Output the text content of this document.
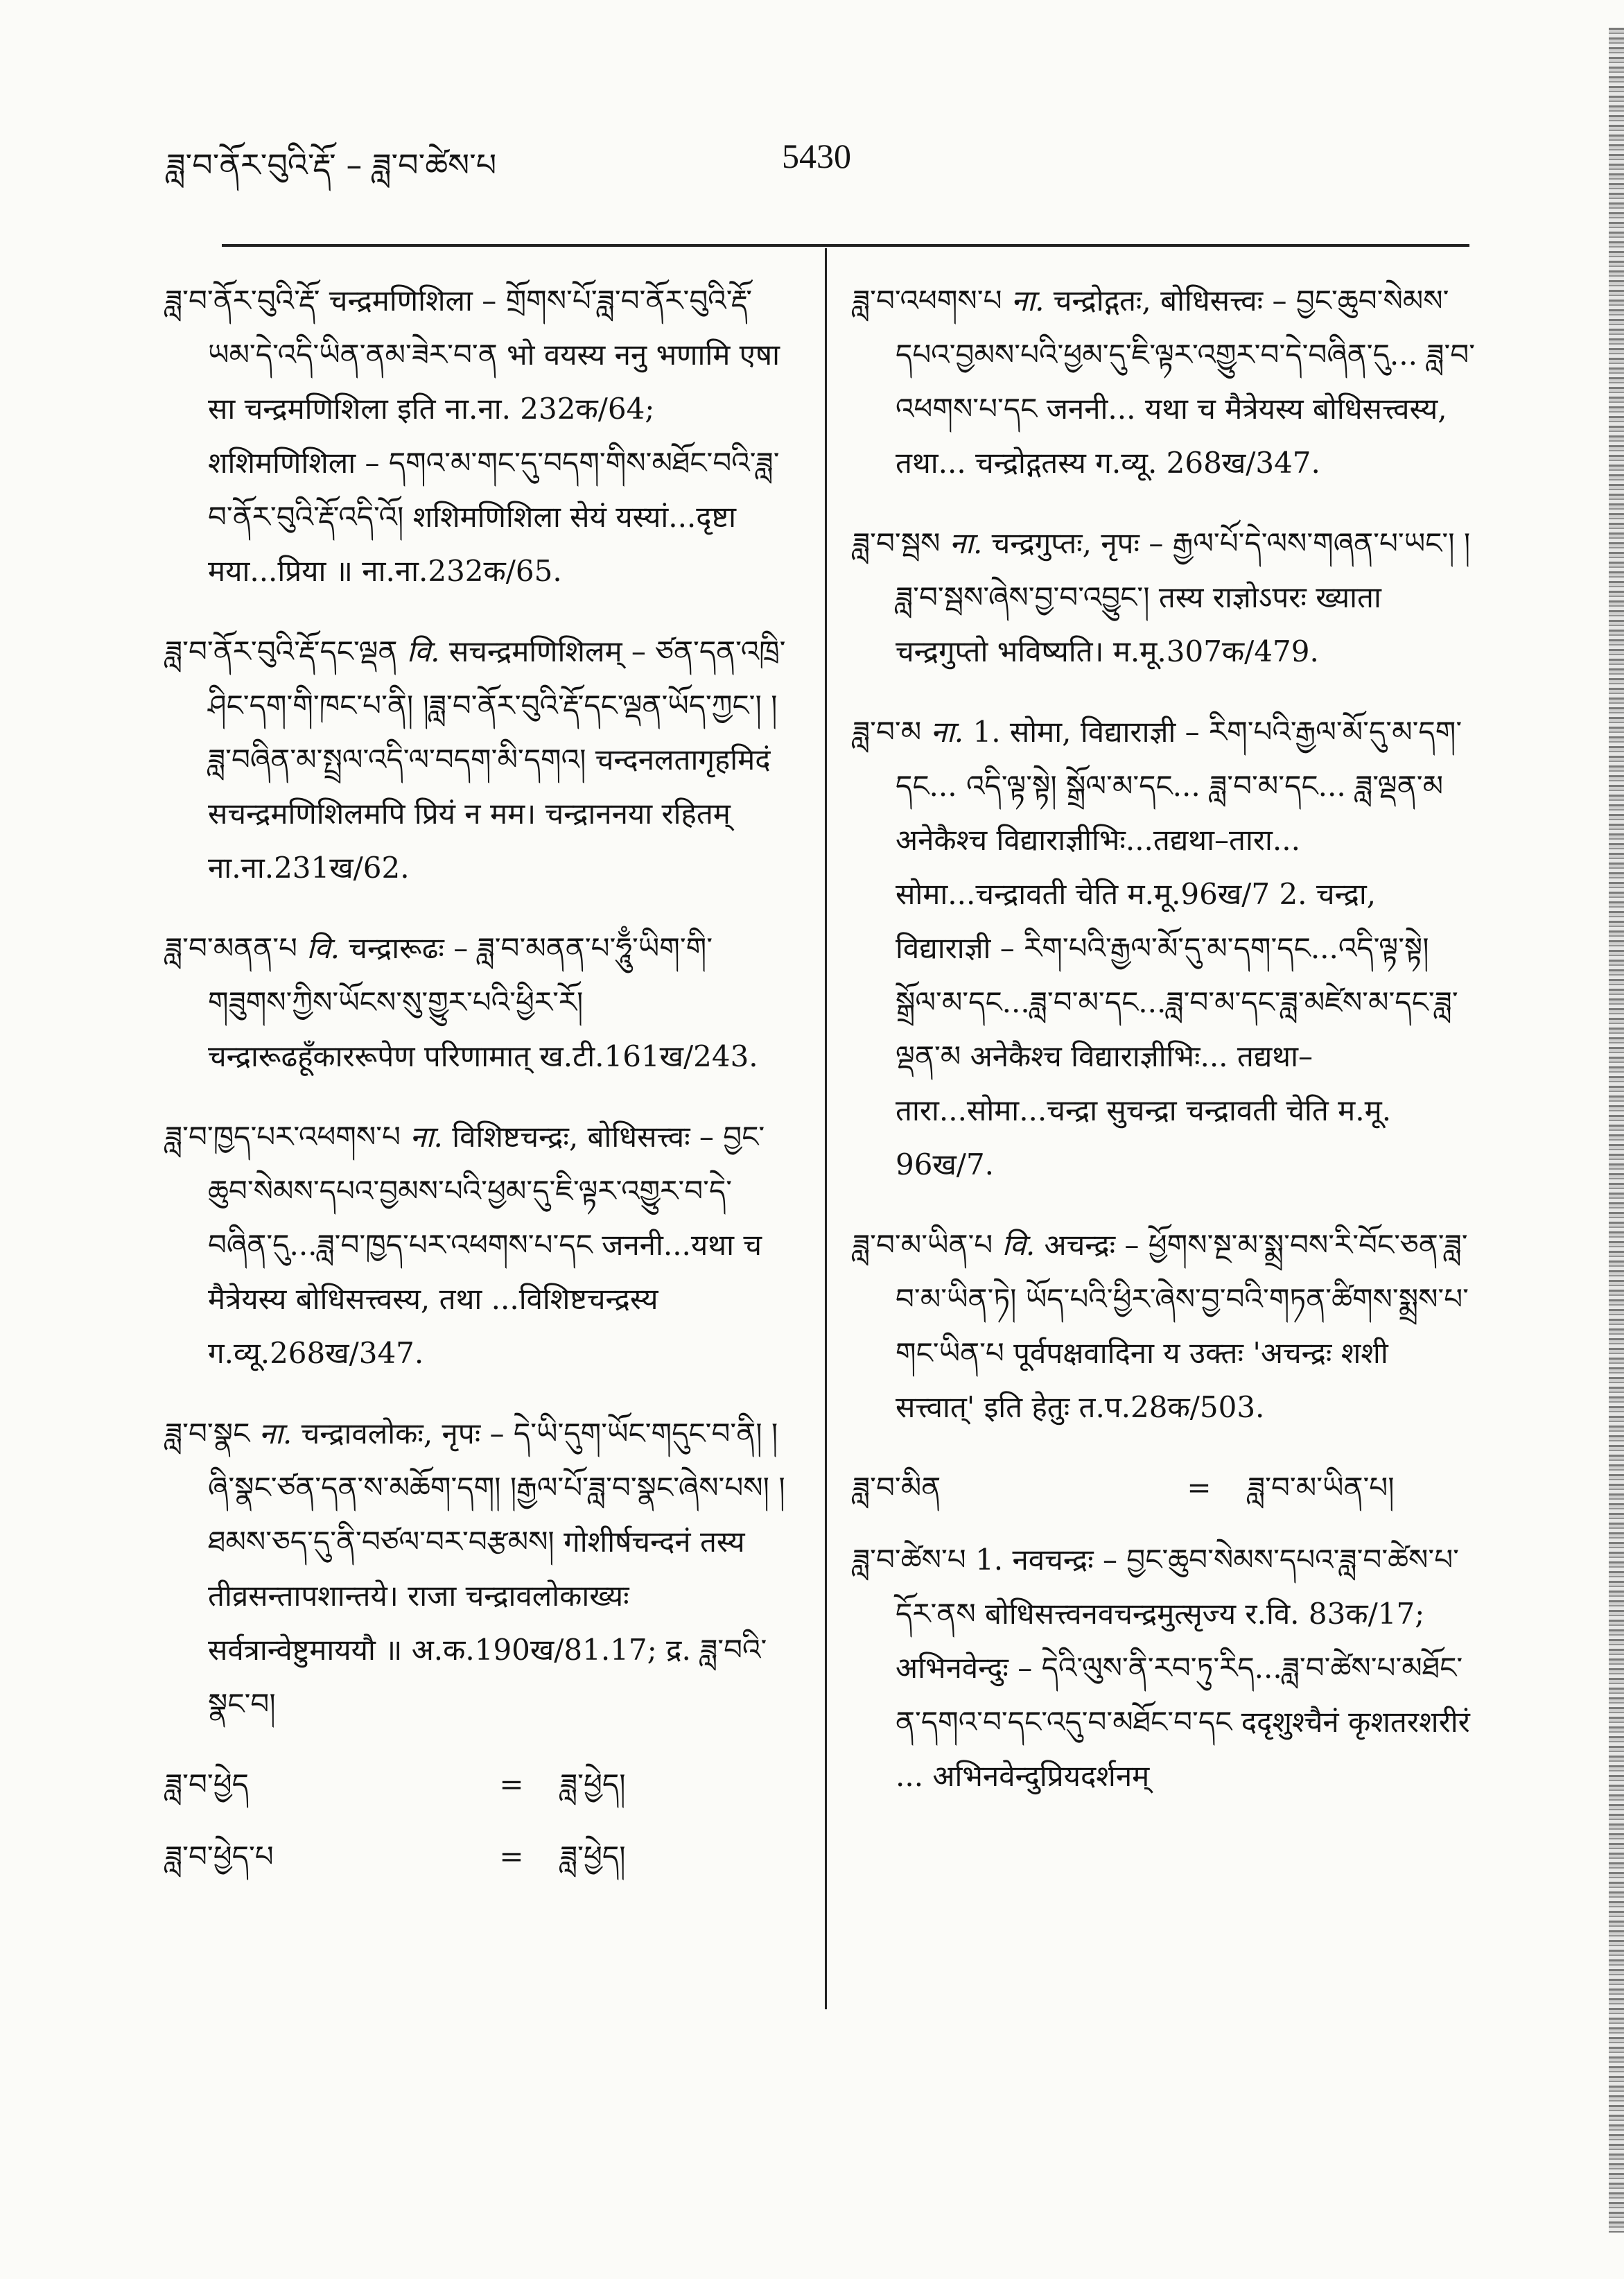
ཟླ་བ་ནོར་བུའི་རྡོ་ – ཟླ་བ་ཚེས་པ	5430
ཟླ་བ་ནོར་བུའི་རྡོ་ चन्द्रमणिशिला – གྲོགས་པོ་ཟླ་བ་ནོར་བུའི་རྡོ་ཡམ་དེ་འདི་ཡིན་ནམ་ཟེར་བ་ན भो वयस्य ननु भणामि एषा सा चन्द्रमणिशिला इति ना.ना. 232क/64; शशिमणिशिला – དགའ་མ་གང་དུ་བདག་གིས་མཐོང་བའི་ཟླ་བ་ནོར་བུའི་རྡོ་འདི་འོ། शशिमणिशिला सेयं यस्यां...दृष्टा मया...प्रिया ॥ ना.ना.232क/65.
ཟླ་བ་ནོར་བུའི་རྡོ་དང་ལྡན वि. सचन्द्रमणिशिलम् – ཙན་དན་འཁྲི་ཤིང་དག་གི་ཁང་པ་ནི། །ཟླ་བ་ནོར་བུའི་རྡོ་དང་ལྡན་ཡོད་ཀྱང་། །ཟླ་བཞིན་མ་སྤྲལ་འདི་ལ་བདག་མི་དགའ། चन्दनलतागृहमिदं सचन्द्रमणिशिलमपि प्रियं न मम। चन्द्राननया रहितम् ना.ना.231ख/62.
ཟླ་བ་མནན་པ वि. चन्द्रारूढः – ཟླ་བ་མནན་པ་ཧཱུྃ་ཡིག་གི་གཟུགས་ཀྱིས་ཡོངས་སུ་གྱུར་པའི་ཕྱིར་རོ། चन्द्रारूढहूँकाररूपेण परिणामात् ख.टी.161ख/243.
ཟླ་བ་ཁྱད་པར་འཕགས་པ ना. विशिष्टचन्द्रः, बोधिसत्त्वः – བྱང་ཆུབ་སེམས་དཔའ་བྱམས་པའི་ཕྱམ་དུ་ཇི་ལྟར་འགྱུར་བ་དེ་བཞིན་དུ...ཟླ་བ་ཁྱད་པར་འཕགས་པ་དང जननी...यथा च मैत्रेयस्य बोधिसत्त्वस्य, तथा ...विशिष्टचन्द्रस्य ग.व्यू.268ख/347.
ཟླ་བ་སྣང ना. चन्द्रावलोकः, नृपः – དེ་ཡི་དུག་ཡོང་གདུང་བ་ནི། །ཞི་སྣང་ཙན་དན་ས་མཆོག་དག། །རྒྱལ་པོ་ཟླ་བ་སྣང་ཞེས་པས། །ཐམས་ཅད་དུ་ནི་བཙལ་བར་བརྩམས། गोशीर्षचन्दनं तस्य तीव्रसन्तापशान्तये। राजा चन्द्रावलोकाख्यः सर्वत्रान्वेष्टुमाययौ ॥ अ.क.190ख/81.17; द्र. ཟླ་བའི་སྣང་བ།
ཟླ་བ་ཕྱེད	=	ཟླ་ཕྱེད།
ཟླ་བ་ཕྱེད་པ	=	ཟླ་ཕྱེད།
ཟླ་བ་འཕགས་པ ना. चन्द्रोद्गतः, बोधिसत्त्वः – བྱང་ཆུབ་སེམས་དཔའ་བྱམས་པའི་ཕྱམ་དུ་ཇི་ལྟར་འགྱུར་བ་དེ་བཞིན་དུ... ཟླ་བ་འཕགས་པ་དང जननी... यथा च मैत्रेयस्य बोधिसत्त्वस्य, तथा... चन्द्रोद्गतस्य ग.व्यू. 268ख/347.
ཟླ་བ་སྦས ना. चन्द्रगुप्तः, नृपः – རྒྱལ་པོ་དེ་ལས་གཞན་པ་ཡང་། །ཟླ་བ་སྦས་ཞེས་བྱ་བ་འབྱུང་། तस्य राज्ञोऽपरः ख्याता चन्द्रगुप्तो भविष्यति। म.मू.307क/479.
ཟླ་བ་མ ना. 1. सोमा, विद्याराज्ञी – རིག་པའི་རྒྱལ་མོ་དུ་མ་དག་དང... འདི་ལྟ་སྟེ། སྒྲོལ་མ་དང... ཟླ་བ་མ་དང... ཟླ་ལྡན་མ अनेकैश्च विद्याराज्ञीभिः...तद्यथा–तारा... सोमा...चन्द्रावती चेति म.मू.96ख/7 2. चन्द्रा, विद्याराज्ञी – རིག་པའི་རྒྱལ་མོ་དུ་མ་དག་དང...འདི་ལྟ་སྟེ། སྒྲོལ་མ་དང...ཟླ་བ་མ་དང...ཟླ་བ་མ་དང་ཟླ་མཛེས་མ་དང་ཟླ་ལྡན་མ अनेकैश्च विद्याराज्ञीभिः... तद्यथा–तारा...सोमा...चन्द्रा सुचन्द्रा चन्द्रावती चेति म.मू. 96ख/7.
ཟླ་བ་མ་ཡིན་པ वि. अचन्द्रः – ཕྱོགས་སྔ་མ་སྨྲ་བས་རི་བོང་ཅན་ཟླ་བ་མ་ཡིན་ཏེ། ཡོད་པའི་ཕྱིར་ཞེས་བྱ་བའི་གཏན་ཚིགས་སྨྲས་པ་གང་ཡིན་པ पूर्वपक्षवादिना य उक्तः 'अचन्द्रः शशी सत्त्वात्' इति हेतुः त.प.28क/503.
ཟླ་བ་མིན	=	ཟླ་བ་མ་ཡིན་པ།
ཟླ་བ་ཚེས་པ 1. नवचन्द्रः – བྱང་ཆུབ་སེམས་དཔའ་ཟླ་བ་ཚེས་པ་དོར་ནས बोधिसत्त्वनवचन्द्रमुत्सृज्य र.वि. 83क/17; अभिनवेन्दुः – དེའི་ལུས་ནི་རབ་ཏུ་རིད...ཟླ་བ་ཚེས་པ་མཐོང་ན་དགའ་བ་དང་འདུ་བ་མཐོང་བ་དང ददृशुश्चैनं कृशतरशरीरं ... अभिनवेन्दुप्रियदर्शनम्
